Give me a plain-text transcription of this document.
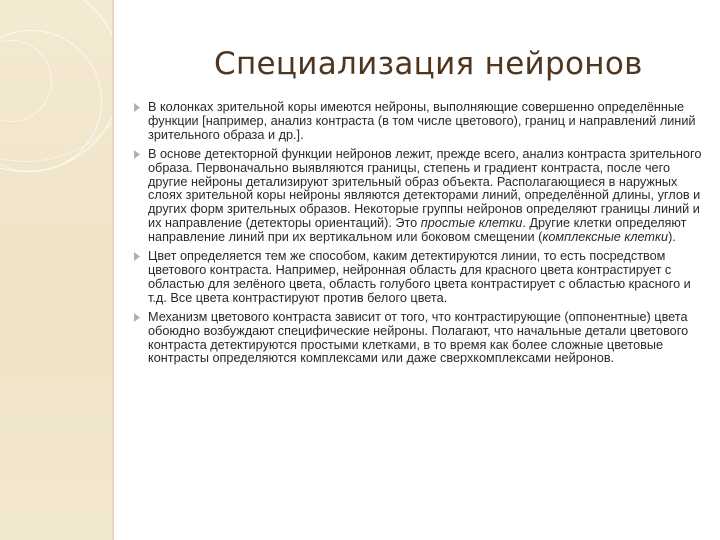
Специализация нейронов
В колонках зрительной коры имеются нейроны, выполняющие совершенно определённые функции [например, анализ контраста (в том числе цветового), границ и направлений линий зрительного образа и др.].
В основе детекторной функции нейронов лежит, прежде всего, анализ контраста зрительного образа. Первоначально выявляются границы, степень и градиент контраста, после чего другие нейроны детализируют зрительный образ объекта. Располагающиеся в наружных слоях зрительной коры нейроны являются детекторами линий, определённой длины, углов и других форм зрительных образов. Некоторые группы нейронов определяют границы линий и их направление (детекторы ориентаций). Это простые клетки. Другие клетки определяют направление линий при их вертикальном или боковом смещении (комплексные клетки).
Цвет определяется тем же способом, каким детектируются линии, то есть посредством цветового контраста. Например, нейронная область для красного цвета контрастирует с областью для зелёного цвета, область голубого цвета контрастирует с областью красного и т.д. Все цвета контрастируют против белого цвета.
Механизм цветового контраста зависит от того, что контрастирующие (оппонентные) цвета обоюдно возбуждают специфические нейроны. Полагают, что начальные детали цветового контраста детектируются простыми клетками, в то время как более сложные цветовые контрасты определяются комплексами или даже сверхкомплексами нейронов.
